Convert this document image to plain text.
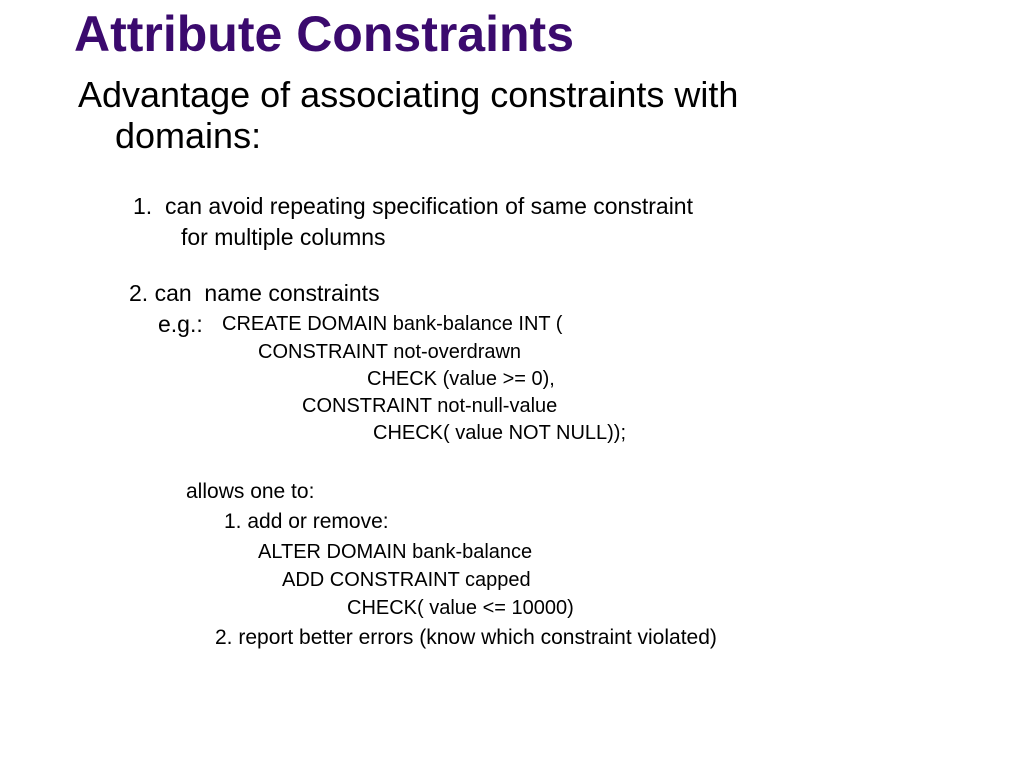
Attribute Constraints
Advantage of associating constraints with
domains:
1.  can avoid repeating specification of same constraint
for multiple columns
2. can  name constraints
e.g.: CREATE DOMAIN bank-balance INT (
CONSTRAINT not-overdrawn
CHECK (value >= 0),
CONSTRAINT not-null-value
CHECK( value NOT NULL));
allows one to:
1. add or remove:
ALTER DOMAIN bank-balance
ADD CONSTRAINT capped
CHECK( value <= 10000)
2. report better errors (know which constraint violated)
